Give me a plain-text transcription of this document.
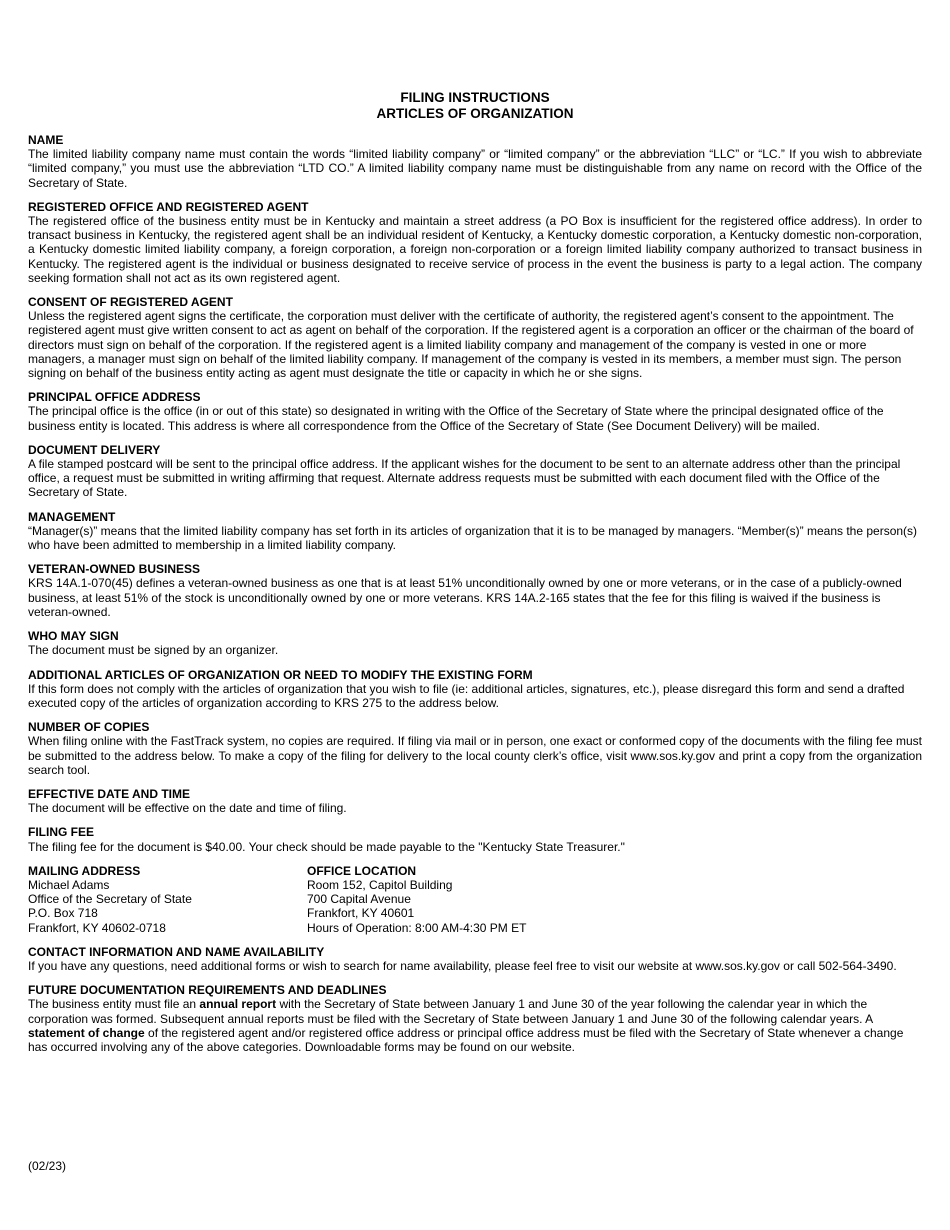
FILING INSTRUCTIONS
ARTICLES OF ORGANIZATION
NAME
The limited liability company name must contain the words “limited liability company” or “limited company” or the abbreviation “LLC” or “LC.” If you wish to abbreviate “limited company,” you must use the abbreviation “LTD CO.” A limited liability company name must be distinguishable from any name on record with the Office of the Secretary of State.
REGISTERED OFFICE AND REGISTERED AGENT
The registered office of the business entity must be in Kentucky and maintain a street address (a PO Box is insufficient for the registered office address). In order to transact business in Kentucky, the registered agent shall be an individual resident of Kentucky, a Kentucky domestic corporation, a Kentucky domestic non-corporation, a Kentucky domestic limited liability company, a foreign corporation, a foreign non-corporation or a foreign limited liability company authorized to transact business in Kentucky. The registered agent is the individual or business designated to receive service of process in the event the business is party to a legal action. The company seeking formation shall not act as its own registered agent.
CONSENT OF REGISTERED AGENT
Unless the registered agent signs the certificate, the corporation must deliver with the certificate of authority, the registered agent’s consent to the appointment. The registered agent must give written consent to act as agent on behalf of the corporation. If the registered agent is a corporation an officer or the chairman of the board of directors must sign on behalf of the corporation. If the registered agent is a limited liability company and management of the company is vested in one or more managers, a manager must sign on behalf of the limited liability company. If management of the company is vested in its members, a member must sign. The person signing on behalf of the business entity acting as agent must designate the title or capacity in which he or she signs.
PRINCIPAL OFFICE ADDRESS
The principal office is the office (in or out of this state) so designated in writing with the Office of the Secretary of State where the principal designated office of the business entity is located. This address is where all correspondence from the Office of the Secretary of State (See Document Delivery) will be mailed.
DOCUMENT DELIVERY
A file stamped postcard will be sent to the principal office address. If the applicant wishes for the document to be sent to an alternate address other than the principal office, a request must be submitted in writing affirming that request. Alternate address requests must be submitted with each document filed with the Office of the Secretary of State.
MANAGEMENT
“Manager(s)” means that the limited liability company has set forth in its articles of organization that it is to be managed by managers. “Member(s)” means the person(s) who have been admitted to membership in a limited liability company.
VETERAN-OWNED BUSINESS
KRS 14A.1-070(45) defines a veteran-owned business as one that is at least 51% unconditionally owned by one or more veterans, or in the case of a publicly-owned business, at least 51% of the stock is unconditionally owned by one or more veterans. KRS 14A.2-165 states that the fee for this filing is waived if the business is veteran-owned.
WHO MAY SIGN
The document must be signed by an organizer.
ADDITIONAL ARTICLES OF ORGANIZATION OR NEED TO MODIFY THE EXISTING FORM
If this form does not comply with the articles of organization that you wish to file (ie: additional articles, signatures, etc.), please disregard this form and send a drafted executed copy of the articles of organization according to KRS 275 to the address below.
NUMBER OF COPIES
When filing online with the FastTrack system, no copies are required. If filing via mail or in person, one exact or conformed copy of the documents with the filing fee must be submitted to the address below. To make a copy of the filing for delivery to the local county clerk’s office, visit www.sos.ky.gov and print a copy from the organization search tool.
EFFECTIVE DATE AND TIME
The document will be effective on the date and time of filing.
FILING FEE
The filing fee for the document is $40.00. Your check should be made payable to the "Kentucky State Treasurer."
MAILING ADDRESS
Michael Adams
Office of the Secretary of State
P.O. Box 718
Frankfort, KY 40602-0718
OFFICE LOCATION
Room 152, Capitol Building
700 Capital Avenue
Frankfort, KY 40601
Hours of Operation: 8:00 AM-4:30 PM ET
CONTACT INFORMATION AND NAME AVAILABILITY
If you have any questions, need additional forms or wish to search for name availability, please feel free to visit our website at www.sos.ky.gov or call 502-564-3490.
FUTURE DOCUMENTATION REQUIREMENTS AND DEADLINES
The business entity must file an annual report with the Secretary of State between January 1 and June 30 of the year following the calendar year in which the corporation was formed. Subsequent annual reports must be filed with the Secretary of State between January 1 and June 30 of the following calendar years. A statement of change of the registered agent and/or registered office address or principal office address must be filed with the Secretary of State whenever a change has occurred involving any of the above categories. Downloadable forms may be found on our website.
(02/23)
